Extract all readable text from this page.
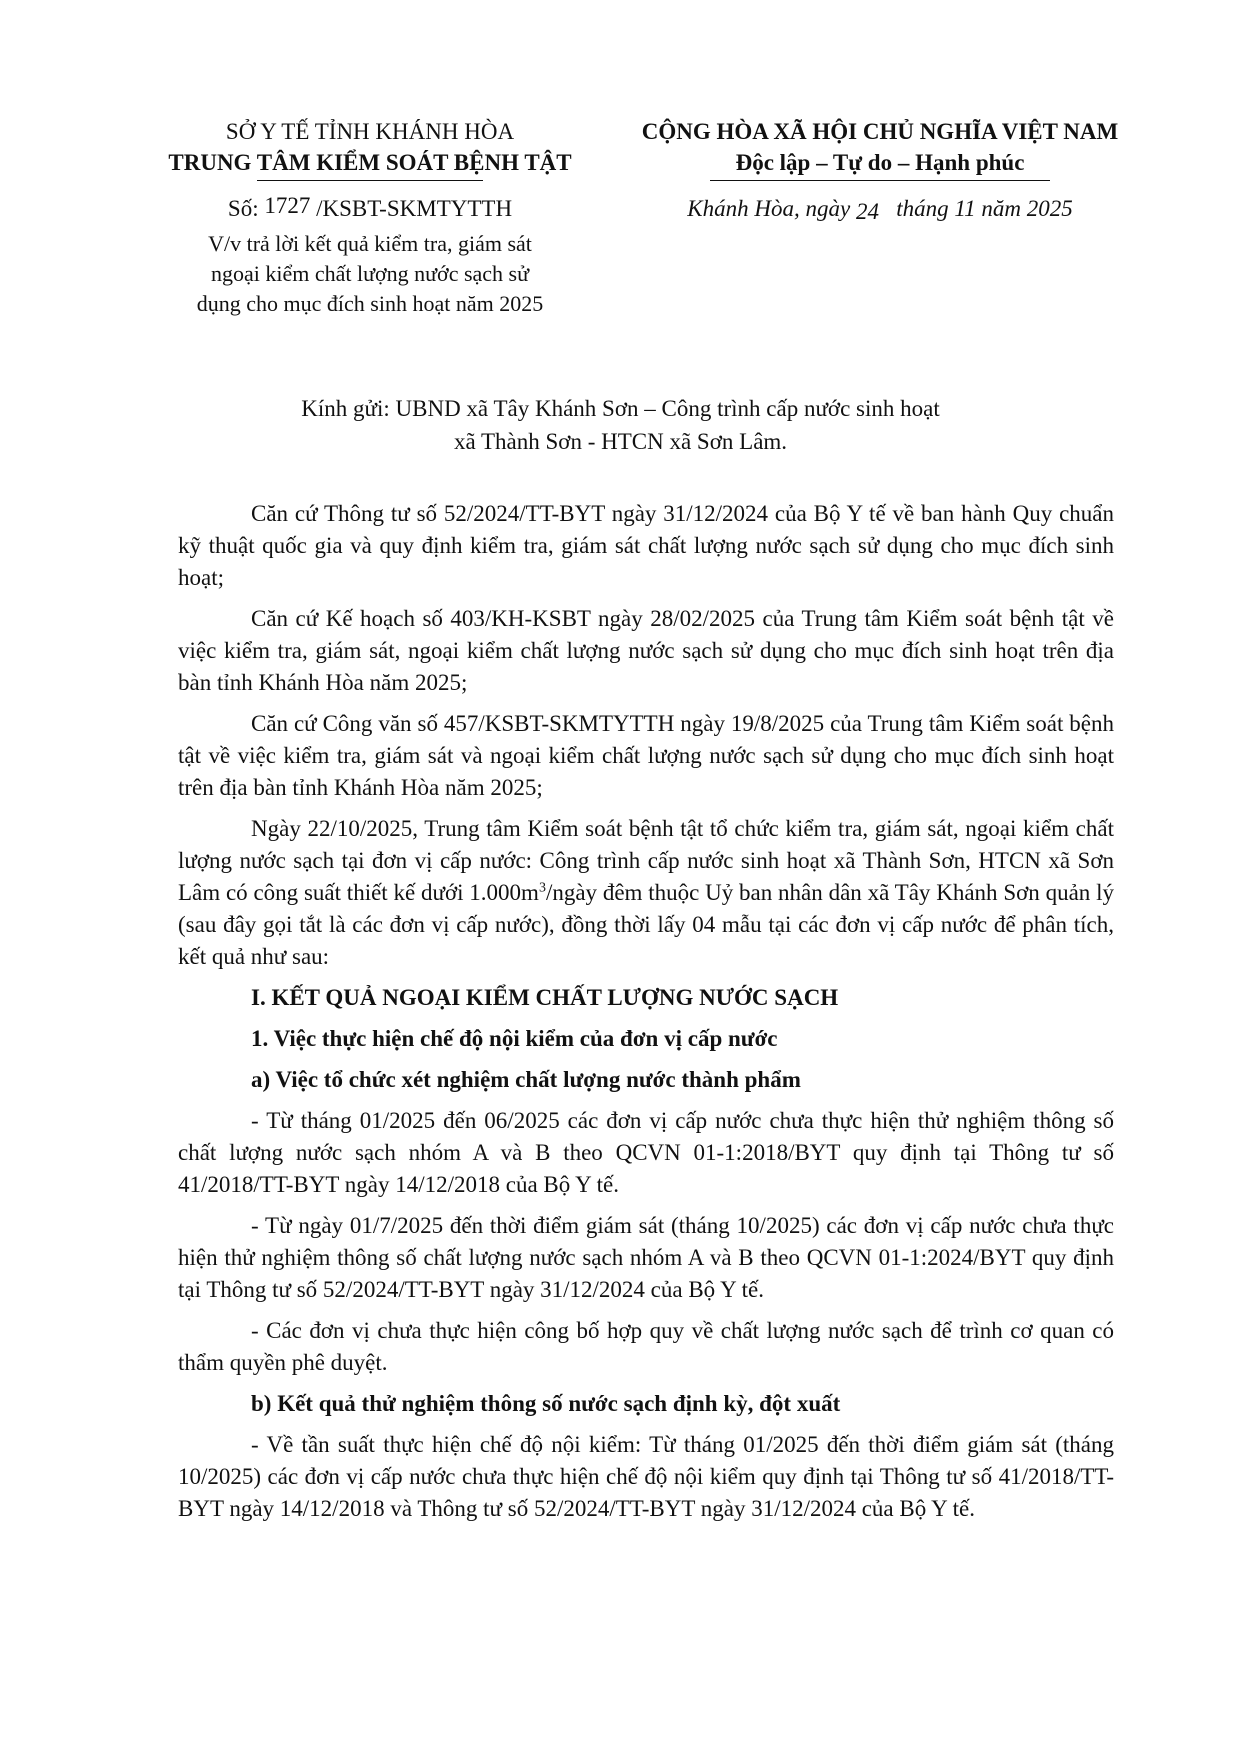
SỞ Y TẾ TỈNH KHÁNH HÒA
TRUNG TÂM KIỂM SOÁT BỆNH TẬT
Số: 1727 /KSBT-SKMTYTTH
V/v trả lời kết quả kiểm tra, giám sát
ngoại kiểm chất lượng nước sạch sử
dụng cho mục đích sinh hoạt năm 2025
CỘNG HÒA XÃ HỘI CHỦ NGHĨA VIỆT NAM
Độc lập – Tự do – Hạnh phúc
Khánh Hòa, ngày 24 tháng 11 năm 2025
Kính gửi: UBND xã Tây Khánh Sơn – Công trình cấp nước sinh hoạt
xã Thành Sơn - HTCN xã Sơn Lâm.

Căn cứ Thông tư số 52/2024/TT-BYT ngày 31/12/2024 của Bộ Y tế về ban hành Quy chuẩn kỹ thuật quốc gia và quy định kiểm tra, giám sát chất lượng nước sạch sử dụng cho mục đích sinh hoạt;

Căn cứ Kế hoạch số 403/KH-KSBT ngày 28/02/2025 của Trung tâm Kiểm soát bệnh tật về việc kiểm tra, giám sát, ngoại kiểm chất lượng nước sạch sử dụng cho mục đích sinh hoạt trên địa bàn tỉnh Khánh Hòa năm 2025;

Căn cứ Công văn số 457/KSBT-SKMTYTTH ngày 19/8/2025 của Trung tâm Kiểm soát bệnh tật về việc kiểm tra, giám sát và ngoại kiểm chất lượng nước sạch sử dụng cho mục đích sinh hoạt trên địa bàn tỉnh Khánh Hòa năm 2025;

Ngày 22/10/2025, Trung tâm Kiểm soát bệnh tật tổ chức kiểm tra, giám sát, ngoại kiểm chất lượng nước sạch tại đơn vị cấp nước: Công trình cấp nước sinh hoạt xã Thành Sơn, HTCN xã Sơn Lâm có công suất thiết kế dưới $1.000m^3$/ngày đêm thuộc Uỷ ban nhân dân xã Tây Khánh Sơn quản lý (sau đây gọi tắt là các đơn vị cấp nước), đồng thời lấy 04 mẫu tại các đơn vị cấp nước để phân tích, kết quả như sau:

I. KẾT QUẢ NGOẠI KIỂM CHẤT LƯỢNG NƯỚC SẠCH
1. Việc thực hiện chế độ nội kiểm của đơn vị cấp nước
a) Việc tổ chức xét nghiệm chất lượng nước thành phẩm

- Từ tháng 01/2025 đến 06/2025 các đơn vị cấp nước chưa thực hiện thử nghiệm thông số chất lượng nước sạch nhóm A và B theo QCVN 01-1:2018/BYT quy định tại Thông tư số 41/2018/TT-BYT ngày 14/12/2018 của Bộ Y tế.

- Từ ngày 01/7/2025 đến thời điểm giám sát (tháng 10/2025) các đơn vị cấp nước chưa thực hiện thử nghiệm thông số chất lượng nước sạch nhóm A và B theo QCVN 01-1:2024/BYT quy định tại Thông tư số 52/2024/TT-BYT ngày 31/12/2024 của Bộ Y tế.

- Các đơn vị chưa thực hiện công bố hợp quy về chất lượng nước sạch để trình cơ quan có thẩm quyền phê duyệt.

b) Kết quả thử nghiệm thông số nước sạch định kỳ, đột xuất

- Về tần suất thực hiện chế độ nội kiểm: Từ tháng 01/2025 đến thời điểm giám sát (tháng 10/2025) các đơn vị cấp nước chưa thực hiện chế độ nội kiểm quy định tại Thông tư số 41/2018/TT-BYT ngày 14/12/2018 và Thông tư số 52/2024/TT-BYT ngày 31/12/2024 của Bộ Y tế.
